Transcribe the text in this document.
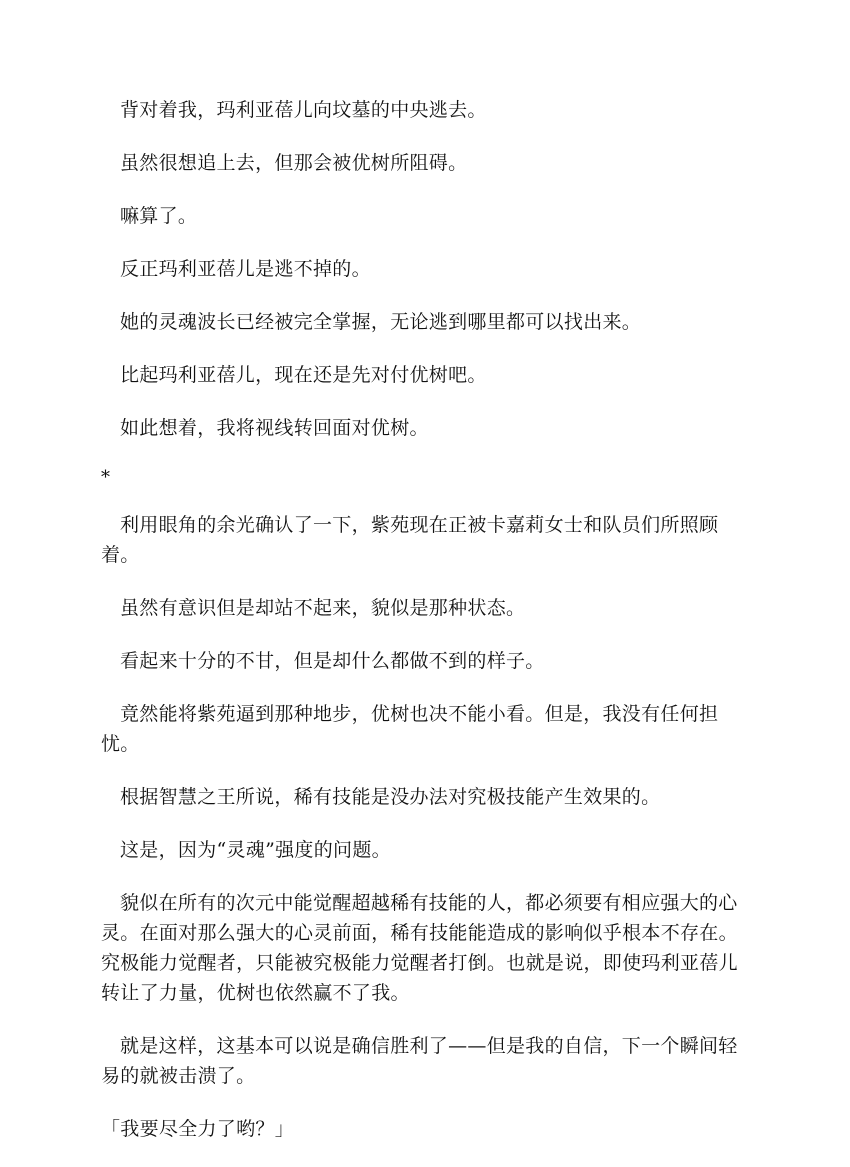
背对着我，玛利亚蓓儿向坟墓的中央逃去。

虽然很想追上去，但那会被优树所阻碍。

嘛算了。

反正玛利亚蓓儿是逃不掉的。

她的灵魂波长已经被完全掌握，无论逃到哪里都可以找出来。

比起玛利亚蓓儿，现在还是先对付优树吧。

如此想着，我将视线转回面对优树。

*

利用眼角的余光确认了一下，紫苑现在正被卡嘉莉女士和队员们所照顾着。

虽然有意识但是却站不起来，貌似是那种状态。

看起来十分的不甘，但是却什么都做不到的样子。

竟然能将紫苑逼到那种地步，优树也决不能小看。但是，我没有任何担忧。

根据智慧之王所说，稀有技能是没办法对究极技能产生效果的。

这是，因为“灵魂”强度的问题。

貌似在所有的次元中能觉醒超越稀有技能的人，都必须要有相应强大的心灵。在面对那么强大的心灵前面，稀有技能能造成的影响似乎根本不存在。究极能力觉醒者，只能被究极能力觉醒者打倒。也就是说，即使玛利亚蓓儿转让了力量，优树也依然赢不了我。

就是这样，这基本可以说是确信胜利了——但是我的自信，下一个瞬间轻易的就被击溃了。

「我要尽全力了哟？」
